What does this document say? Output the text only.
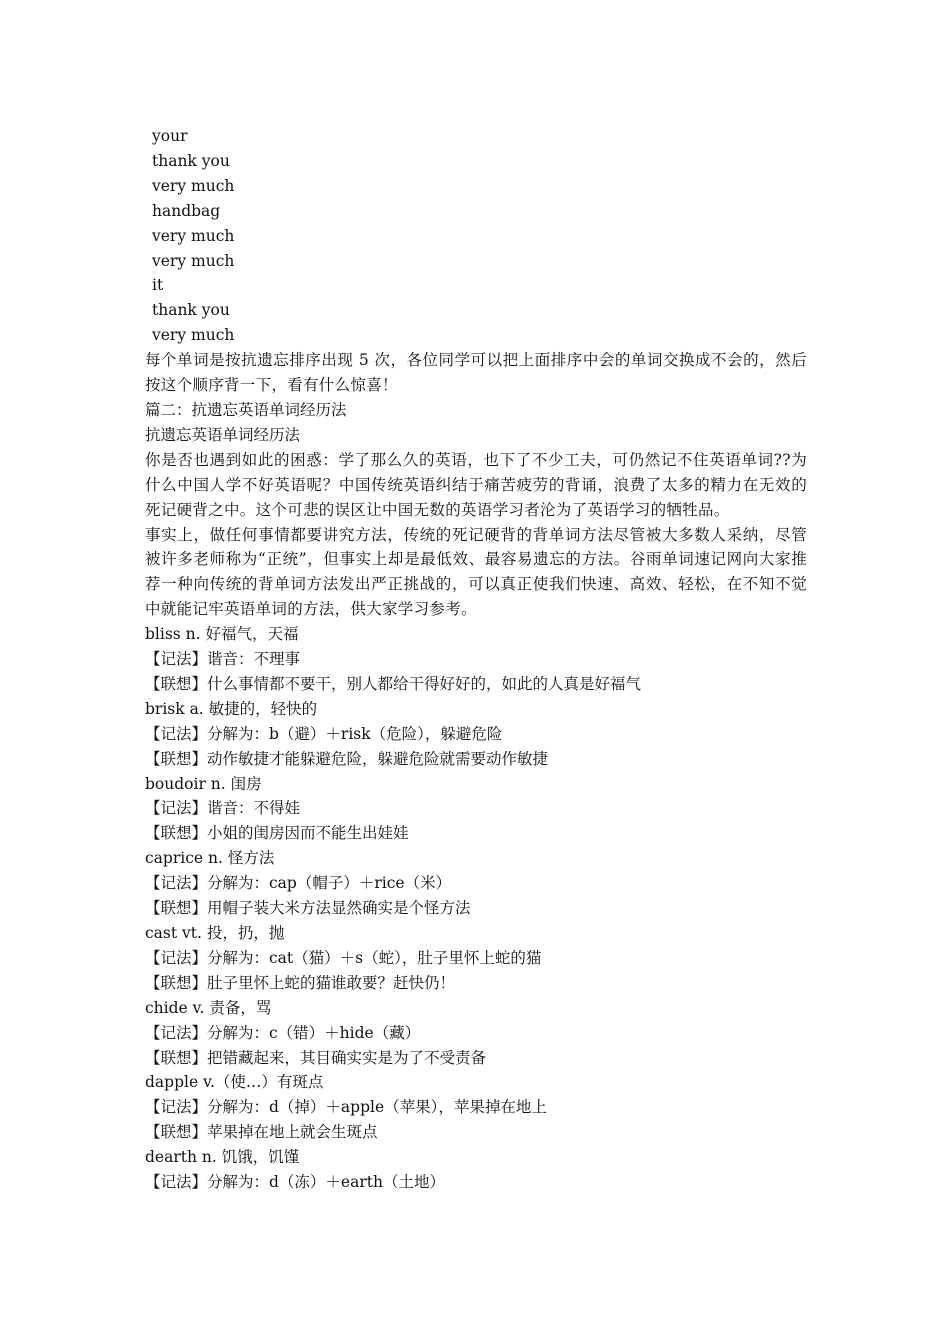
your
thank you
very much
handbag
very much
very much
it
thank you
very much
每个单词是按抗遗忘排序出现 5 次，各位同学可以把上面排序中会的单词交换成不会的，然后按这个顺序背一下，看有什么惊喜！
篇二：抗遗忘英语单词经历法
抗遗忘英语单词经历法
你是否也遇到如此的困惑：学了那么久的英语，也下了不少工夫，可仍然记不住英语单词??为什么中国人学不好英语呢？中国传统英语纠结于痛苦疲劳的背诵，浪费了太多的精力在无效的死记硬背之中。这个可悲的误区让中国无数的英语学习者沦为了英语学习的牺牲品。
事实上，做任何事情都要讲究方法，传统的死记硬背的背单词方法尽管被大多数人采纳，尽管被许多老师称为“正统”，但事实上却是最低效、最容易遗忘的方法。谷雨单词速记网向大家推荐一种向传统的背单词方法发出严正挑战的，可以真正使我们快速、高效、轻松，在不知不觉中就能记牢英语单词的方法，供大家学习参考。
bliss n. 好福气，天福
【记法】谐音：不理事
【联想】什么事情都不要干，别人都给干得好好的，如此的人真是好福气
brisk a. 敏捷的，轻快的
【记法】分解为：b（避）＋risk（危险），躲避危险
【联想】动作敏捷才能躲避危险，躲避危险就需要动作敏捷
boudoir n. 闺房
【记法】谐音：不得娃
【联想】小姐的闺房因而不能生出娃娃
caprice n. 怪方法
【记法】分解为：cap（帽子）＋rice（米）
【联想】用帽子装大米方法显然确实是个怪方法
cast vt. 投，扔，抛
【记法】分解为：cat（猫）＋s（蛇），肚子里怀上蛇的猫
【联想】肚子里怀上蛇的猫谁敢要？赶快仍！
chide v. 责备，骂
【记法】分解为：c（错）＋hide（藏）
【联想】把错藏起来，其目确实实是为了不受责备
dapple v.（使…）有斑点
【记法】分解为：d（掉）＋apple（苹果），苹果掉在地上
【联想】苹果掉在地上就会生斑点
dearth n. 饥饿，饥馑
【记法】分解为：d（冻）＋earth（土地）
